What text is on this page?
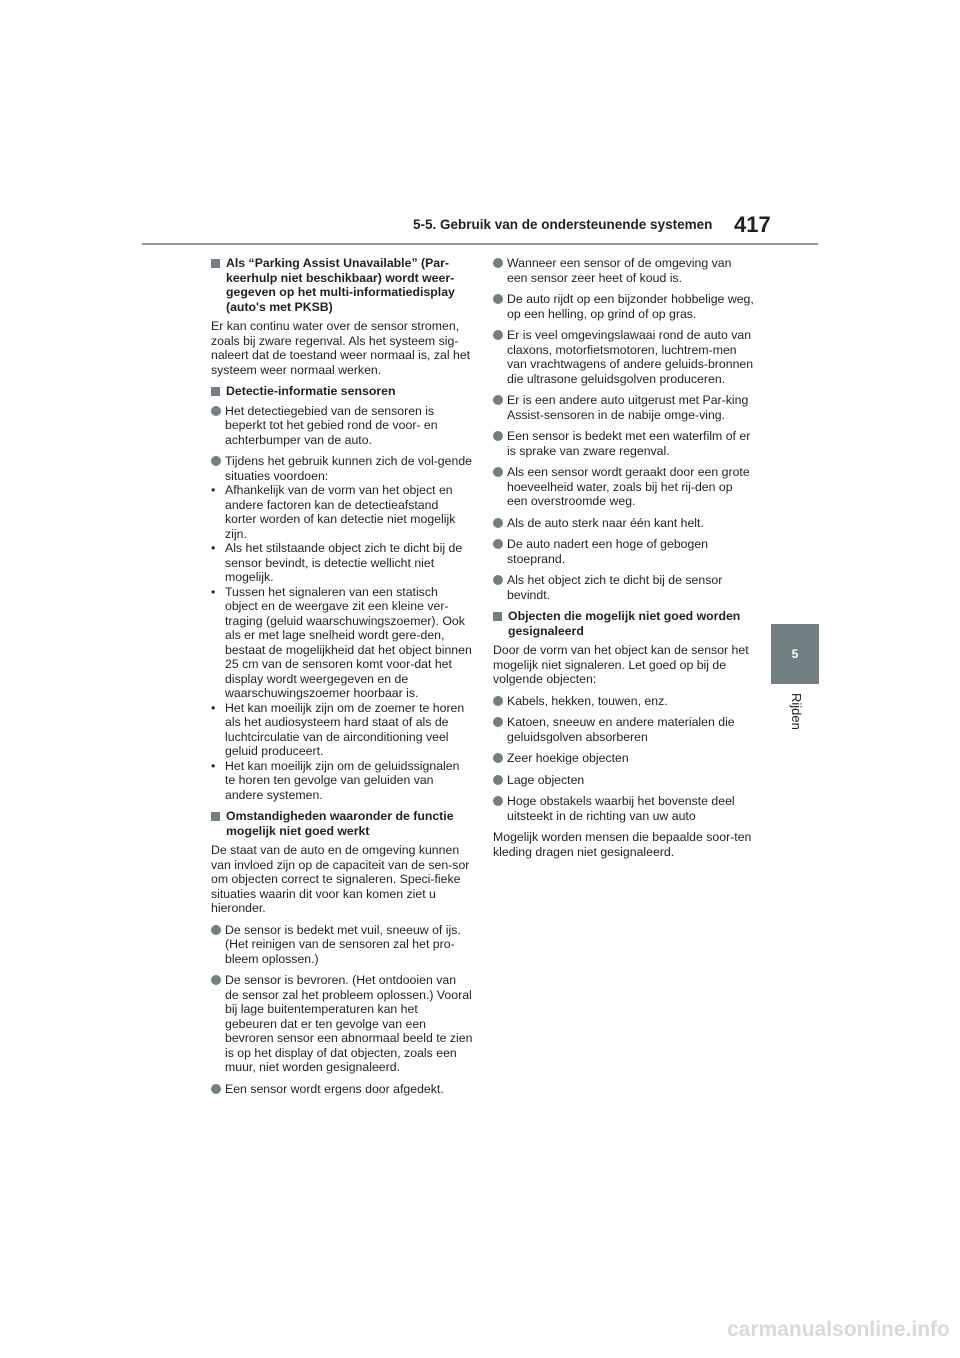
5-5. Gebruik van de ondersteunende systemen 417
5
Rijden
Als “Parking Assist Unavailable” (Par-keerhulp niet beschikbaar) wordt weer-gegeven op het multi-informatiedisplay (auto's met PKSB)

Er kan continu water over de sensor stromen, zoals bij zware regenval. Als het systeem sig-naleert dat de toestand weer normaal is, zal het systeem weer normaal werken.

Detectie-informatie sensoren
Het detectiegebied van de sensoren is beperkt tot het gebied rond de voor- en achterbumper van de auto.
Tijdens het gebruik kunnen zich de vol-gende situaties voordoen:
• Afhankelijk van de vorm van het object en andere factoren kan de detectieafstand korter worden of kan detectie niet mogelijk zijn.
• Als het stilstaande object zich te dicht bij de sensor bevindt, is detectie wellicht niet mogelijk.
• Tussen het signaleren van een statisch object en de weergave zit een kleine ver-traging (geluid waarschuwingszoemer). Ook als er met lage snelheid wordt gere-den, bestaat de mogelijkheid dat het object binnen 25 cm van de sensoren komt voor-dat het display wordt weergegeven en de waarschuwingszoemer hoorbaar is.
• Het kan moeilijk zijn om de zoemer te horen als het audiosysteem hard staat of als de luchtcirculatie van de airconditioning veel geluid produceert.
• Het kan moeilijk zijn om de geluidssignalen te horen ten gevolge van geluiden van andere systemen.
Omstandigheden waaronder de functie mogelijk niet goed werkt

De staat van de auto en de omgeving kunnen van invloed zijn op de capaciteit van de sen-sor om objecten correct te signaleren. Speci-fieke situaties waarin dit voor kan komen ziet u hieronder.

De sensor is bedekt met vuil, sneeuw of ijs. (Het reinigen van de sensoren zal het pro-bleem oplossen.)
De sensor is bevroren. (Het ontdooien van de sensor zal het probleem oplossen.) Vooral bij lage buitentemperaturen kan het gebeuren dat er ten gevolge van een bevroren sensor een abnormaal beeld te zien is op het display of dat objecten, zoals een muur, niet worden gesignaleerd.
Een sensor wordt ergens door afgedekt.
Wanneer een sensor of de omgeving van een sensor zeer heet of koud is.
De auto rijdt op een bijzonder hobbelige weg, op een helling, op grind of op gras.
Er is veel omgevingslawaai rond de auto van claxons, motorfietsmotoren, luchtrem-men van vrachtwagens of andere geluids-bronnen die ultrasone geluidsgolven produceren.
Er is een andere auto uitgerust met Par-king Assist-sensoren in de nabije omge-ving.
Een sensor is bedekt met een waterfilm of er is sprake van zware regenval.
Als een sensor wordt geraakt door een grote hoeveelheid water, zoals bij het rij-den op een overstroomde weg.
Als de auto sterk naar één kant helt.
De auto nadert een hoge of gebogen stoeprand.
Als het object zich te dicht bij de sensor bevindt.
Objecten die mogelijk niet goed worden gesignaleerd

Door de vorm van het object kan de sensor het mogelijk niet signaleren. Let goed op bij de volgende objecten:

Kabels, hekken, touwen, enz.
Katoen, sneeuw en andere materialen die geluidsgolven absorberen
Zeer hoekige objecten
Lage objecten
Hoge obstakels waarbij het bovenste deel uitsteekt in de richting van uw auto

Mogelijk worden mensen die bepaalde soor-ten kleding dragen niet gesignaleerd.

carmanualsonline.info
